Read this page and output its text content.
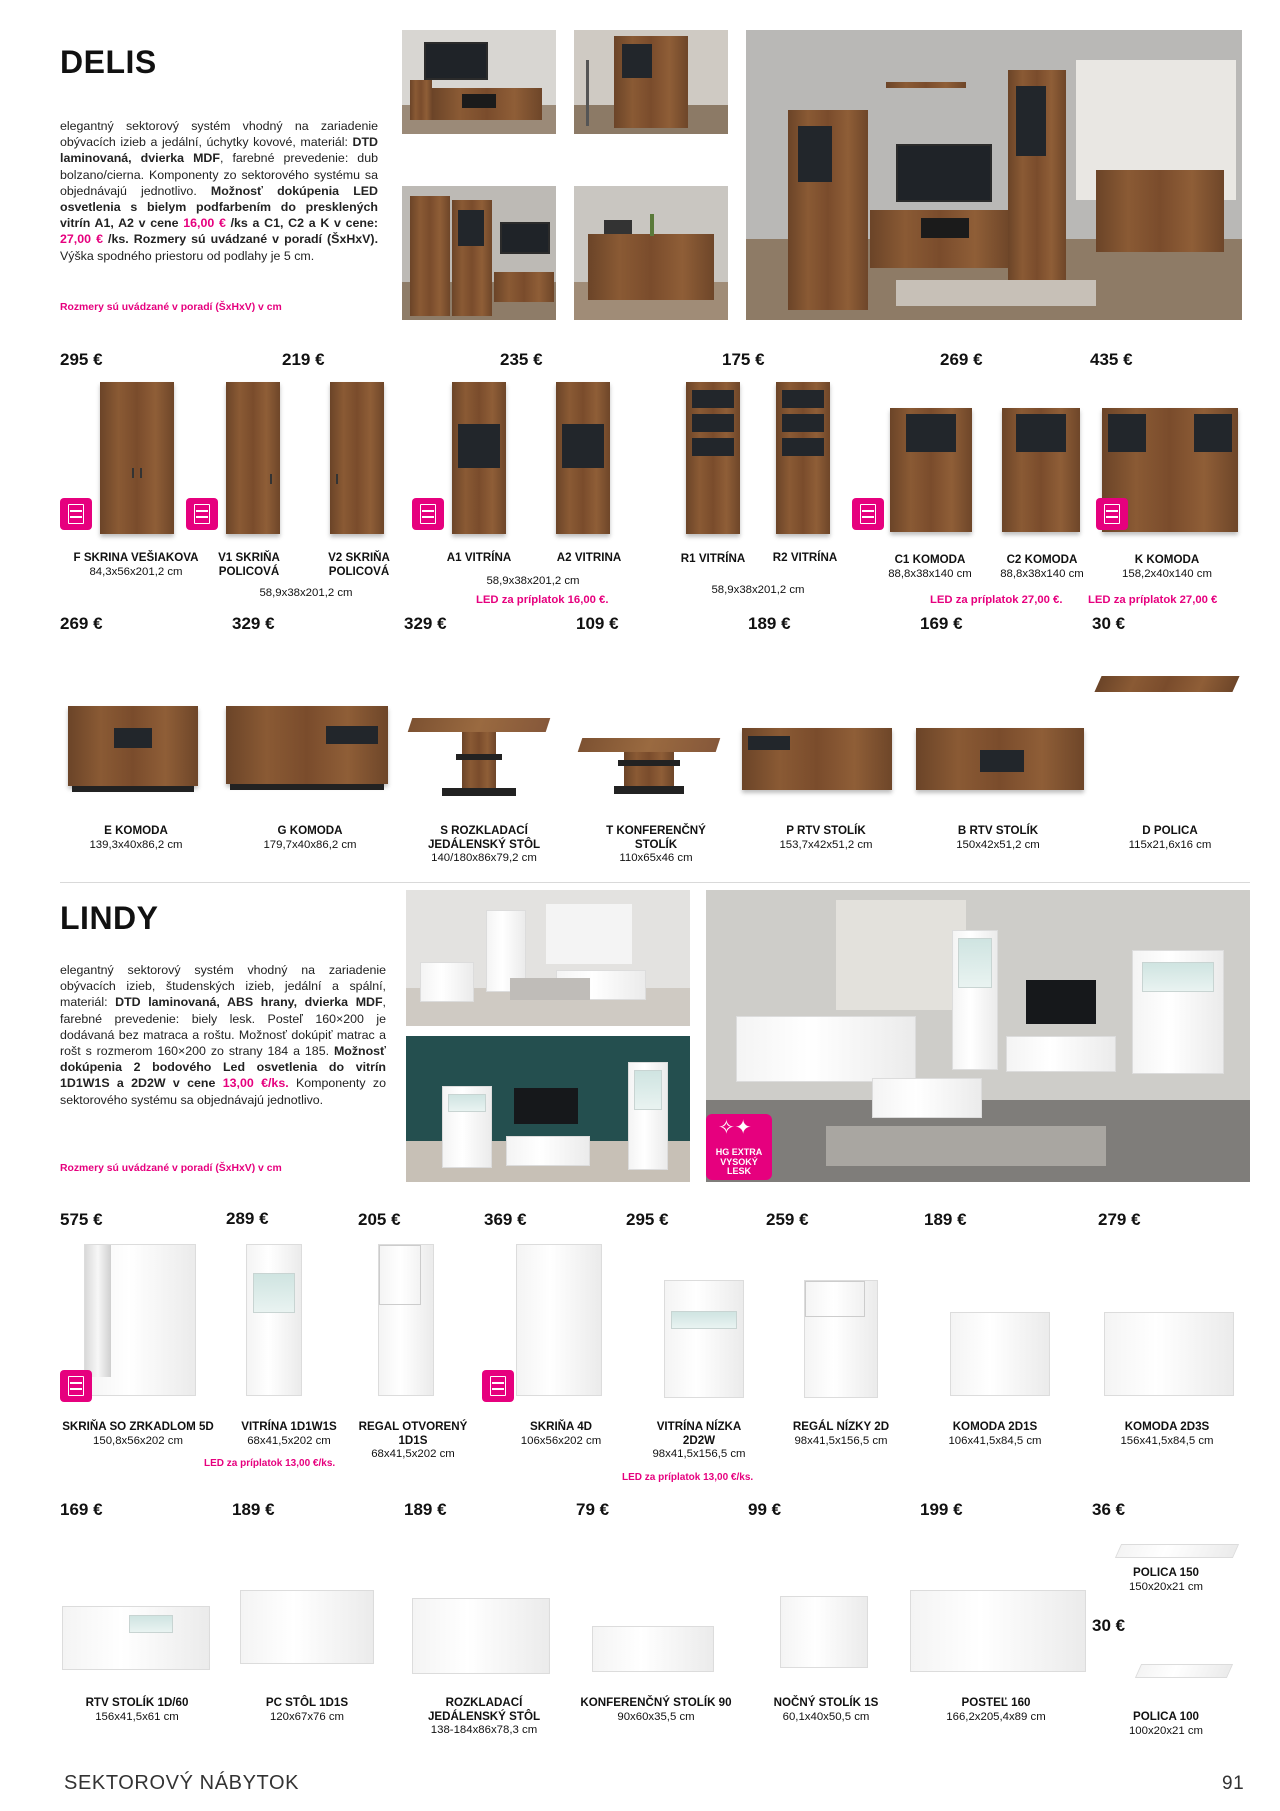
DELIS
elegantný sektorový systém vhodný na zariadenie obývacích izieb a jedální, úchytky kovové, materiál: DTD laminovaná, dvierka MDF, farebné prevedenie: dub bolzano/cierna. Komponenty zo sektorového systému sa objednávajú jednotlivo. Možnosť dokúpenia LED osvetlenia s bielym podfarbením do presklených vitrín A1, A2 v cene 16,00 € /ks a C1, C2 a K v cene: 27,00 € /ks. Rozmery sú uvádzané v poradí (ŠxHxV). Výška spodného priestoru od podlahy je 5 cm.
Rozmery sú uvádzané v poradí (ŠxHxV) v cm
295 €	219 €	235 €	175 €	269 €	435 €
F SKRINA VEŠIAKOVA
84,3x56x201,2 cm
V1 SKRIŇA POLICOVÁ
V2 SKRIŇA POLICOVÁ
58,9x38x201,2 cm
A1 VITRÍNA	A2 VITRINA
58,9x38x201,2 cm
LED za príplatok 16,00 €.
R1 VITRÍNA	R2 VITRÍNA
58,9x38x201,2 cm
C1 KOMODA
88,8x38x140 cm
C2 KOMODA
88,8x38x140 cm
K KOMODA
158,2x40x140 cm
LED za príplatok 27,00 €. LED za príplatok 27,00 €
269 €	329 €	329 €	109 €	189 €	169 €	30 €
E KOMODA
139,3x40x86,2 cm
G KOMODA
179,7x40x86,2 cm
S ROZKLADACÍ JEDÁLENSKÝ STÔL
140/180x86x79,2 cm
T KONFERENČNÝ STOLÍK
110x65x46 cm
P RTV STOLÍK
153,7x42x51,2 cm
B RTV STOLÍK
150x42x51,2 cm
D POLICA
115x21,6x16 cm
LINDY
elegantný sektorový systém vhodný na zariadenie obývacích izieb, študenských izieb, jedální a spální, materiál: DTD laminovaná, ABS hrany, dvierka MDF, farebné prevedenie: biely lesk. Posteľ 160×200 je dodávaná bez matraca a roštu. Možnosť dokúpiť matrac a rošt s rozmerom 160×200 zo strany 184 a 185. Možnosť dokúpenia 2 bodového Led osvetlenia do vitrín 1D1W1S a 2D2W v cene 13,00 €/ks. Komponenty zo sektorového systému sa objednávajú jednotlivo.
Rozmery sú uvádzané v poradí (ŠxHxV) v cm
HG EXTRA VYSOKÝ LESK
✧✦
575 €	289 €	205 €	369 €	295 €	259 €	189 €	279 €
SKRIŇA SO ZRKADLOM 5D
150,8x56x202 cm
VITRÍNA 1D1W1S
68x41,5x202 cm
LED za príplatok 13,00 €/ks.
REGAL OTVORENÝ 1D1S
68x41,5x202 cm
SKRIŇA 4D
106x56x202 cm
VITRÍNA NÍZKA 2D2W
98x41,5x156,5 cm
LED za príplatok 13,00 €/ks.
REGÁL NÍZKY 2D
98x41,5x156,5 cm
KOMODA 2D1S
106x41,5x84,5 cm
KOMODA 2D3S
156x41,5x84,5 cm
169 €	189 €	189 €	79 €	99 €	199 €	36 €
30 €
RTV STOLÍK 1D/60
156x41,5x61 cm
PC STÔL 1D1S
120x67x76 cm
ROZKLADACÍ JEDÁLENSKÝ STÔL
138-184x86x78,3 cm
KONFERENČNÝ STOLÍK 90
90x60x35,5 cm
NOČNÝ STOLÍK 1S
60,1x40x50,5 cm
POSTEĽ 160
166,2x205,4x89 cm
POLICA 150
150x20x21 cm
POLICA 100
100x20x21 cm
SEKTOROVÝ NÁBYTOK	91
